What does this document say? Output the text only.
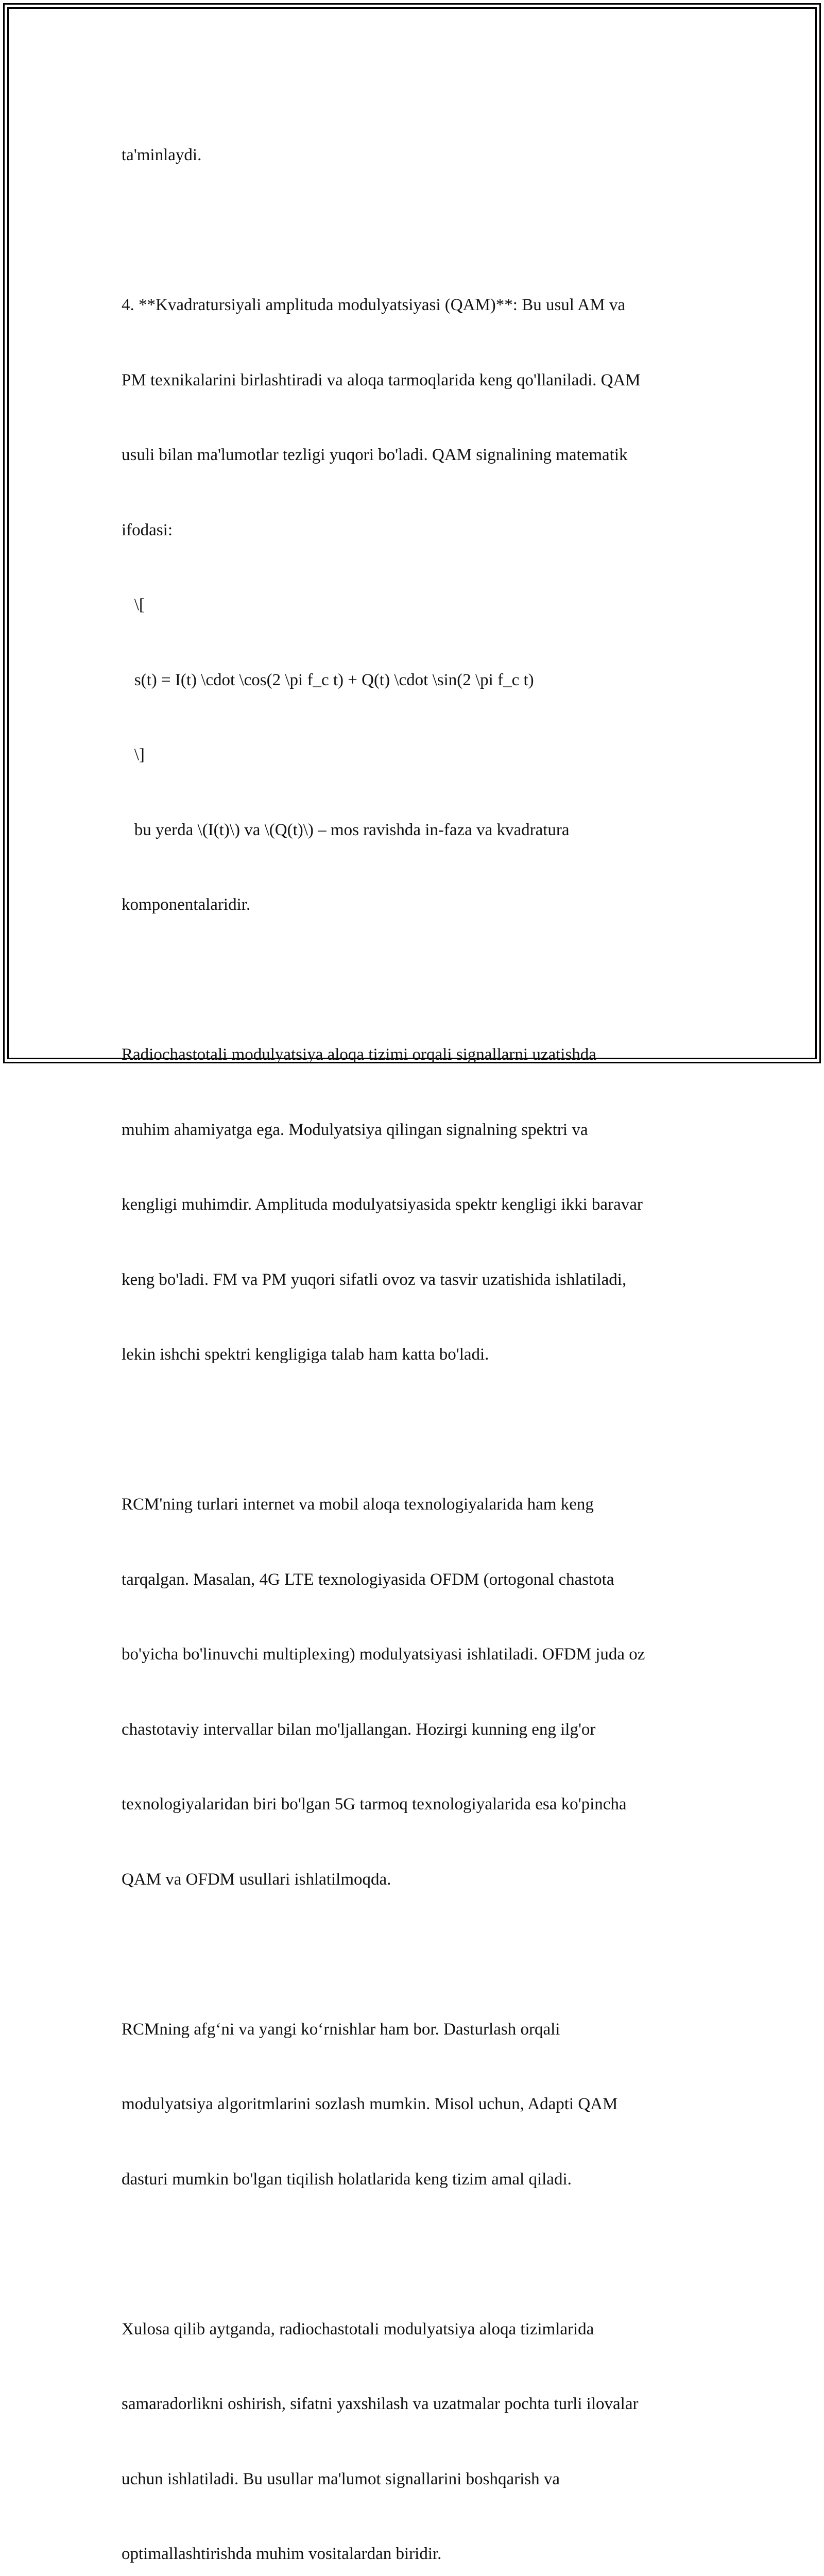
ta'minlaydi.

4. **Kvadratursiyali amplituda modulyatsiyasi (QAM)**: Bu usul AM va

PM texnikalarini birlashtiradi va aloqa tarmoqlarida keng qo'llaniladi. QAM

usuli bilan ma'lumotlar tezligi yuqori bo'ladi. QAM signalining matematik

ifodasi:

\[

s(t) = I(t) \cdot \cos(2 \pi f_c t) + Q(t) \cdot \sin(2 \pi f_c t)

\]

bu yerda \(I(t)\) va \(Q(t)\) – mos ravishda in-faza va kvadratura

komponentalaridir.

Radiochastotali modulyatsiya aloqa tizimi orqali signallarni uzatishda

muhim ahamiyatga ega. Modulyatsiya qilingan signalning spektri va

kengligi muhimdir. Amplituda modulyatsiyasida spektr kengligi ikki baravar

keng bo'ladi. FM va PM yuqori sifatli ovoz va tasvir uzatishida ishlatiladi,

lekin ishchi spektri kengligiga talab ham katta bo'ladi.

RCM'ning turlari internet va mobil aloqa texnologiyalarida ham keng

tarqalgan. Masalan, 4G LTE texnologiyasida OFDM (ortogonal chastota

bo'yicha bo'linuvchi multiplexing) modulyatsiyasi ishlatiladi. OFDM juda oz

chastotaviy intervallar bilan mo'ljallangan. Hozirgi kunning eng ilg'or

texnologiyalaridan biri bo'lgan 5G tarmoq texnologiyalarida esa ko'pincha

QAM va OFDM usullari ishlatilmoqda.

RCMning afg‘ni va yangi ko‘rnishlar ham bor. Dasturlash orqali

modulyatsiya algoritmlarini sozlash mumkin. Misol uchun, Adapti QAM

dasturi mumkin bo'lgan tiqilish holatlarida keng tizim amal qiladi.

Xulosa qilib aytganda, radiochastotali modulyatsiya aloqa tizimlarida

samaradorlikni oshirish, sifatni yaxshilash va uzatmalar pochta turli ilovalar

uchun ishlatiladi. Bu usullar ma'lumot signallarini boshqarish va

optimallashtirishda muhim vositalardan biridir.
